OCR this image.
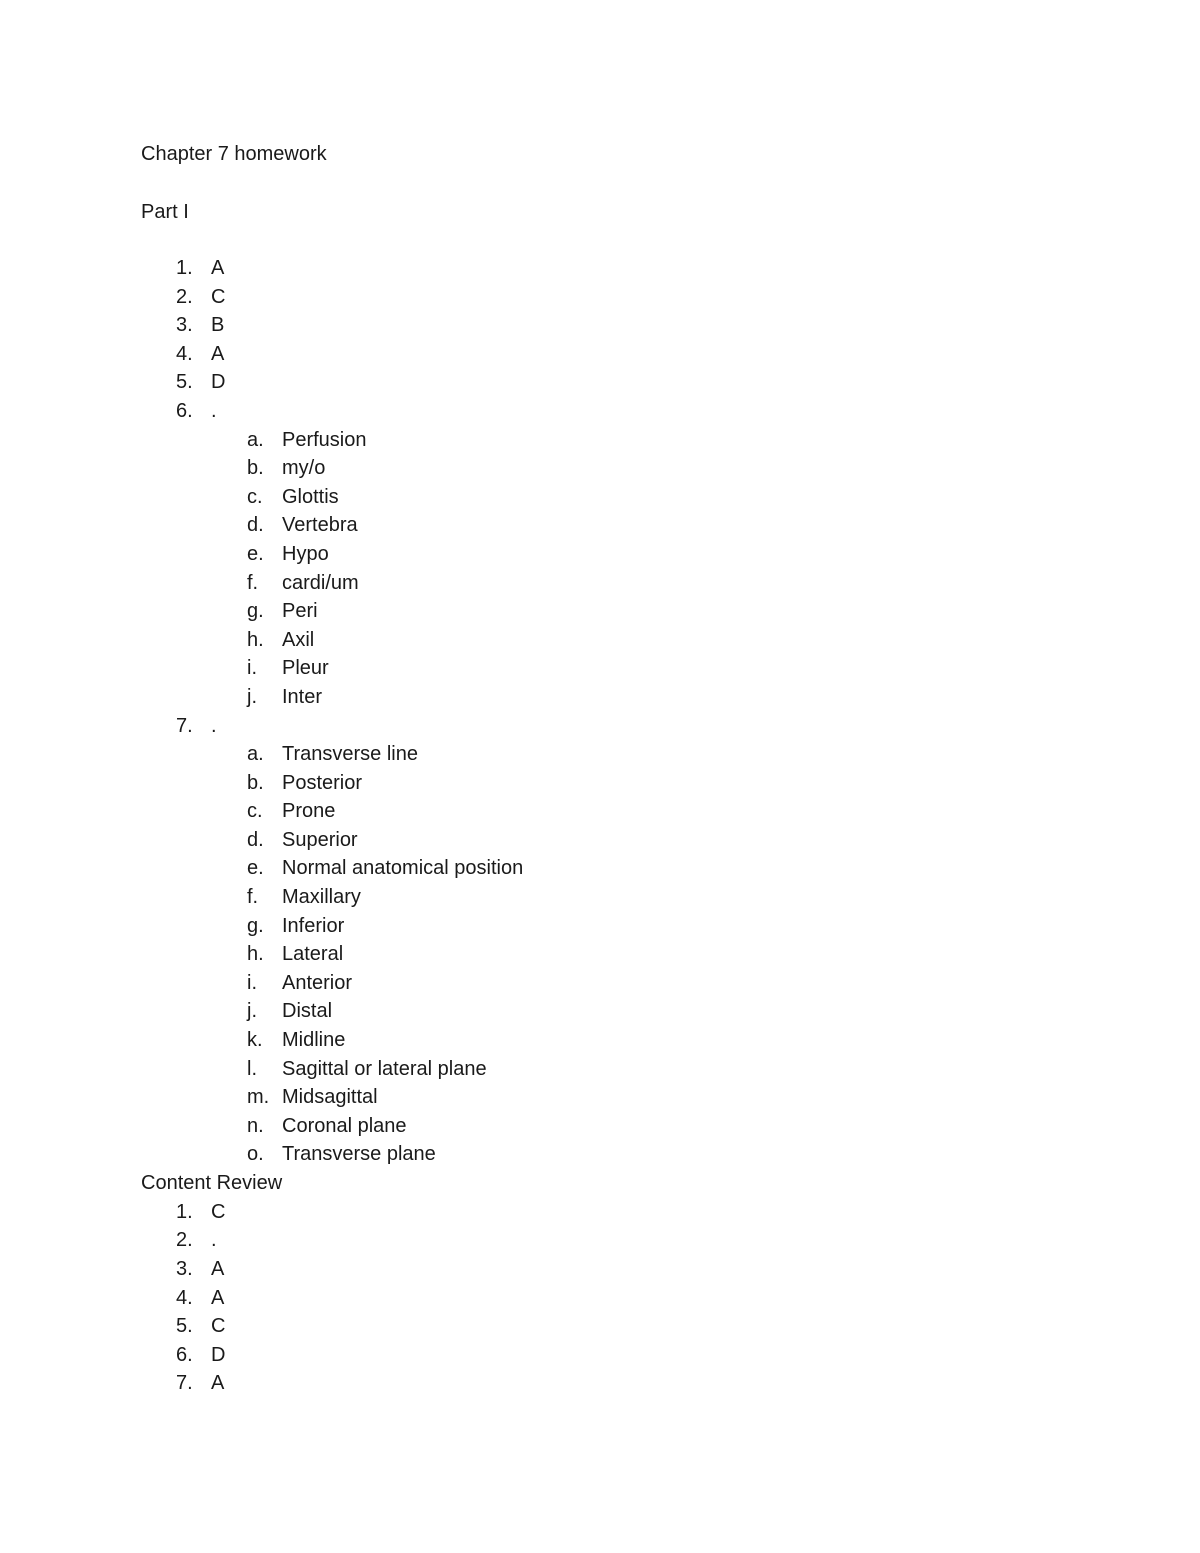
Chapter 7 homework
Part I
1. A
2. C
3. B
4. A
5. D
6. .
a. Perfusion
b. my/o
c. Glottis
d. Vertebra
e. Hypo
f. cardi/um
g. Peri
h. Axil
i. Pleur
j. Inter
7. .
a. Transverse line
b. Posterior
c. Prone
d. Superior
e. Normal anatomical position
f. Maxillary
g. Inferior
h. Lateral
i. Anterior
j. Distal
k. Midline
l. Sagittal or lateral plane
m. Midsagittal
n. Coronal plane
o. Transverse plane
Content Review
1. C
2. .
3. A
4. A
5. C
6. D
7. A
